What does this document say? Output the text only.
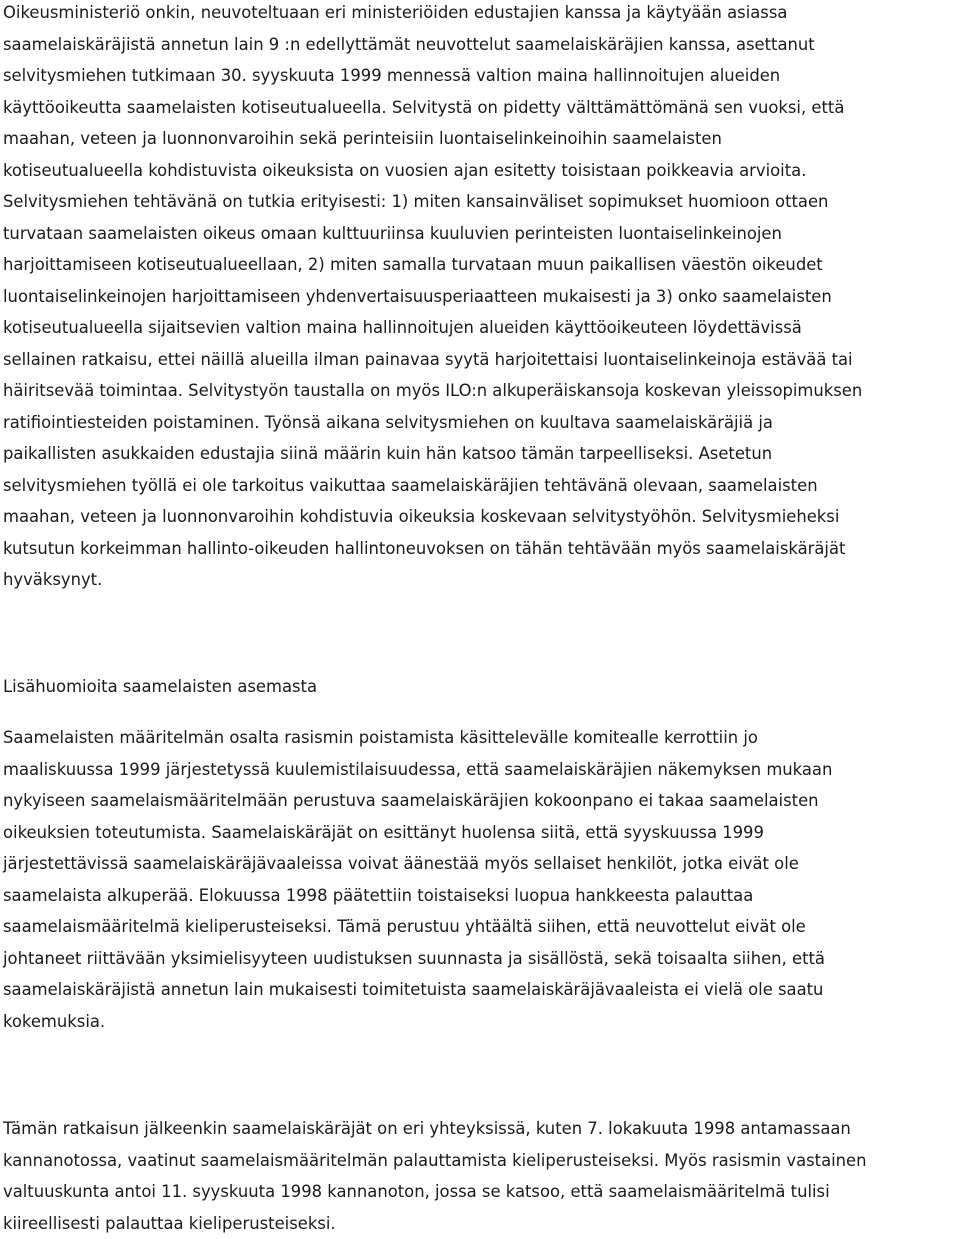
Oikeusministeriö onkin, neuvoteltuaan eri ministeriöiden edustajien kanssa ja käytyään asiassa
saamelaiskäräjistä annetun lain 9 :n edellyttämät neuvottelut saamelaiskäräjien kanssa, asettanut
selvitysmiehen tutkimaan 30. syyskuuta 1999 mennessä valtion maina hallinnoitujen alueiden
käyttöoikeutta saamelaisten kotiseutualueella. Selvitystä on pidetty välttämättömänä sen vuoksi, että
maahan, veteen ja luonnonvaroihin sekä perinteisiin luontaiselinkeinoihin saamelaisten
kotiseutualueella kohdistuvista oikeuksista on vuosien ajan esitetty toisistaan poikkeavia arvioita.
Selvitysmiehen tehtävänä on tutkia erityisesti: 1) miten kansainväliset sopimukset huomioon ottaen
turvataan saamelaisten oikeus omaan kulttuuriinsa kuuluvien perinteisten luontaiselinkeinojen
harjoittamiseen kotiseutualueellaan, 2) miten samalla turvataan muun paikallisen väestön oikeudet
luontaiselinkeinojen harjoittamiseen yhdenvertaisuusperiaatteen mukaisesti ja 3) onko saamelaisten
kotiseutualueella sijaitsevien valtion maina hallinnoitujen alueiden käyttöoikeuteen löydettävissä
sellainen ratkaisu, ettei näillä alueilla ilman painavaa syytä harjoitettaisi luontaiselinkeinoja estävää tai
häiritsevää toimintaa. Selvitystyön taustalla on myös ILO:n alkuperäiskansoja koskevan yleissopimuksen
ratifiointiesteiden poistaminen. Työnsä aikana selvitysmiehen on kuultava saamelaiskäräjiä ja
paikallisten asukkaiden edustajia siinä määrin kuin hän katsoo tämän tarpeelliseksi. Asetetun
selvitysmiehen työllä ei ole tarkoitus vaikuttaa saamelaiskäräjien tehtävänä olevaan, saamelaisten
maahan, veteen ja luonnonvaroihin kohdistuvia oikeuksia koskevaan selvitystyöhön. Selvitysmieheksi
kutsutun korkeimman hallinto-oikeuden hallintoneuvoksen on tähän tehtävään myös saamelaiskäräjät
hyväksynyt.

Lisähuomioita saamelaisten asemasta

Saamelaisten määritelmän osalta rasismin poistamista käsittelevälle komitealle kerrottiin jo
maaliskuussa 1999 järjestetyssä kuulemistilaisuudessa, että saamelaiskäräjien näkemyksen mukaan
nykyiseen saamelaismääritelmään perustuva saamelaiskäräjien kokoonpano ei takaa saamelaisten
oikeuksien toteutumista. Saamelaiskäräjät on esittänyt huolensa siitä, että syyskuussa 1999
järjestettävissä saamelaiskäräjävaaleissa voivat äänestää myös sellaiset henkilöt, jotka eivät ole
saamelaista alkuperää. Elokuussa 1998 päätettiin toistaiseksi luopua hankkeesta palauttaa
saamelaismääritelmä kieliperusteiseksi. Tämä perustuu yhtäältä siihen, että neuvottelut eivät ole
johtaneet riittävään yksimielisyyteen uudistuksen suunnasta ja sisällöstä, sekä toisaalta siihen, että
saamelaiskäräjistä annetun lain mukaisesti toimitetuista saamelaiskäräjävaaleista ei vielä ole saatu
kokemuksia.

Tämän ratkaisun jälkeenkin saamelaiskäräjät on eri yhteyksissä, kuten 7. lokakuuta 1998 antamassaan
kannanotossa, vaatinut saamelaismääritelmän palauttamista kieliperusteiseksi. Myös rasismin vastainen
valtuuskunta antoi 11. syyskuuta 1998 kannanoton, jossa se katsoo, että saamelaismääritelmä tulisi
kiireellisesti palauttaa kieliperusteiseksi.
